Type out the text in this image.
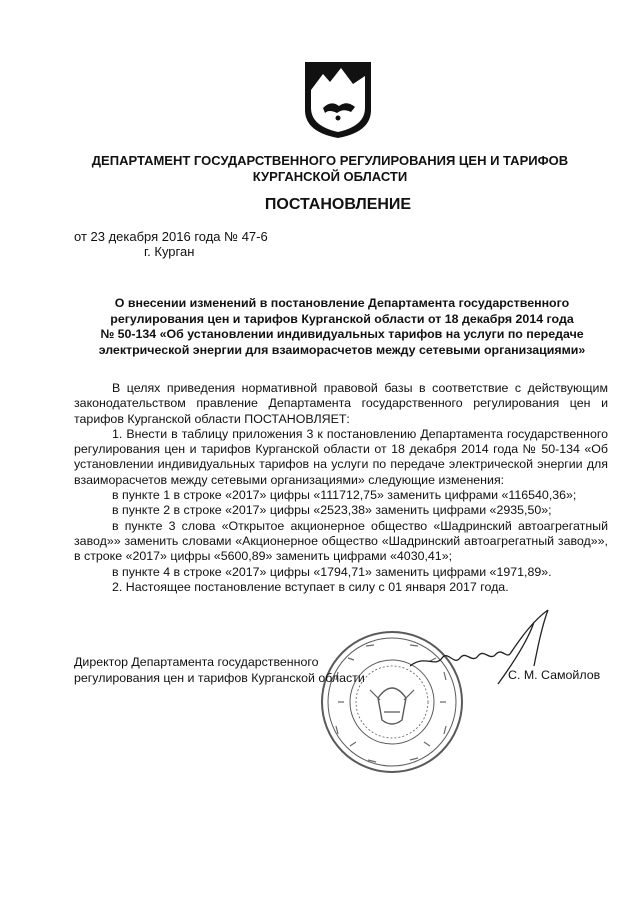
ДЕПАРТАМЕНТ ГОСУДАРСТВЕННОГО РЕГУЛИРОВАНИЯ ЦЕН И ТАРИФОВ
КУРГАНСКОЙ ОБЛАСТИ
ПОСТАНОВЛЕНИЕ
от 23 декабря 2016 года № 47-6
г. Курган
О внесении изменений в постановление Департамента государственного
регулирования цен и тарифов Курганской области от 18 декабря 2014 года
№ 50-134 «Об установлении индивидуальных тарифов на услуги по передаче
электрической энергии для взаиморасчетов между сетевыми организациями»

В целях приведения нормативной правовой базы в соответствие с действующим законодательством правление Департамента государственного регулирования цен и тарифов Курганской области ПОСТАНОВЛЯЕТ:

1. Внести в таблицу приложения 3 к постановлению Департамента государственного регулирования цен и тарифов Курганской области от 18 декабря 2014 года № 50-134 «Об установлении индивидуальных тарифов на услуги по передаче электрической энергии для взаиморасчетов между сетевыми организациями» следующие изменения:

в пункте 1 в строке «2017» цифры «111712,75» заменить цифрами «116540,36»;

в пункте 2 в строке «2017» цифры «2523,38» заменить цифрами «2935,50»;

в пункте 3 слова «Открытое акционерное общество «Шадринский автоагрегатный завод»» заменить словами «Акционерное общество «Шадринский автоагрегатный завод»», в строке «2017» цифры «5600,89» заменить цифрами «4030,41»;

в пункте 4 в строке «2017» цифры «1794,71» заменить цифрами «1971,89».

2. Настоящее постановление вступает в силу с 01 января 2017 года.

Директор Департамента государственного
регулирования цен и тарифов Курганской области	С. М. Самойлов
